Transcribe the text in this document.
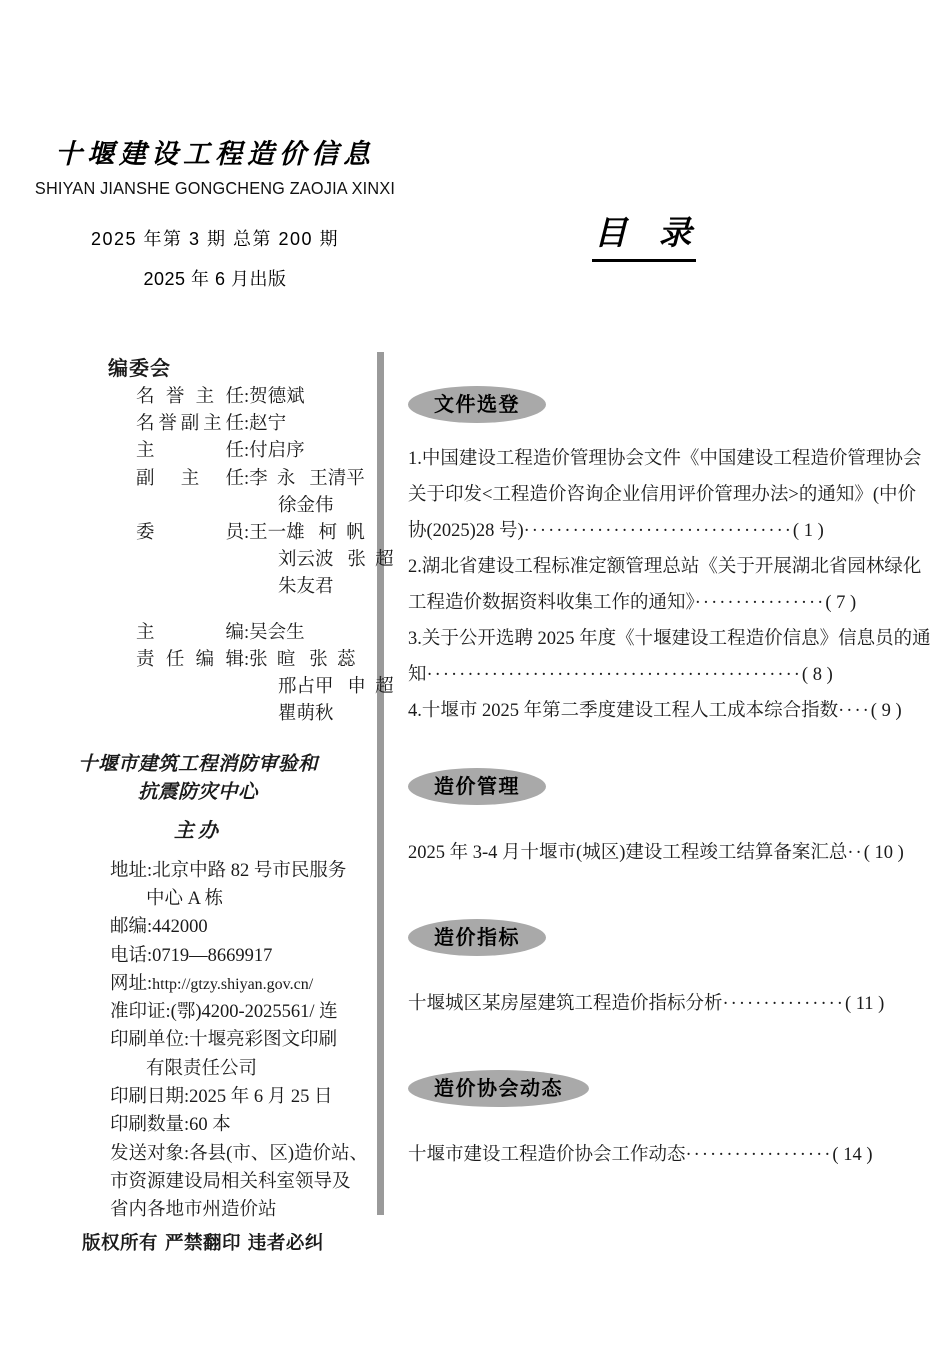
十堰建设工程造价信息
SHIYAN JIANSHE GONGCHENG ZAOJIA XINXI
2025 年第 3 期 总第 200 期
2025 年 6 月出版
目 录
编委会
名誉主任 : 贺德斌
名誉副主任 : 赵宁
主 任 : 付启序
副 主 任 : 李  永   王清平
徐金伟
委 员 : 王一雄   柯  帆
刘云波   张  超
朱友君
主 编 : 吴会生
责任编辑 : 张  暄   张  蕊
邢占甲   申  超
瞿萌秋
十堰市建筑工程消防审验和
抗震防灾中心
主办
地址:北京中路 82 号市民服务
中心 A 栋
邮编:442000
电话:0719—8669917
网址:http://gtzy.shiyan.gov.cn/
准印证:(鄂)4200-2025561/ 连
印刷单位:十堰亮彩图文印刷
有限责任公司
印刷日期:2025 年 6 月 25 日
印刷数量:60 本
发送对象:各县(市、区)造价站、
市资源建设局相关科室领导及
省内各地市州造价站
版权所有 严禁翻印 违者必纠
文件选登
1.中国建设工程造价管理协会文件《中国建设工程造价管理协会
关于印发<工程造价咨询企业信用评价管理办法>的通知》(中价
协(2025)28 号)·································( 1 )
2.湖北省建设工程标准定额管理总站《关于开展湖北省园林绿化
工程造价数据资料收集工作的通知》················( 7 )
3.关于公开选聘 2025 年度《十堰建设工程造价信息》信息员的通
知··············································( 8 )
4.十堰市 2025 年第二季度建设工程人工成本综合指数····( 9 )
造价管理
2025 年 3-4 月十堰市(城区)建设工程竣工结算备案汇总··( 10 )
造价指标
十堰城区某房屋建筑工程造价指标分析···············( 11 )
造价协会动态
十堰市建设工程造价协会工作动态··················( 14 )
